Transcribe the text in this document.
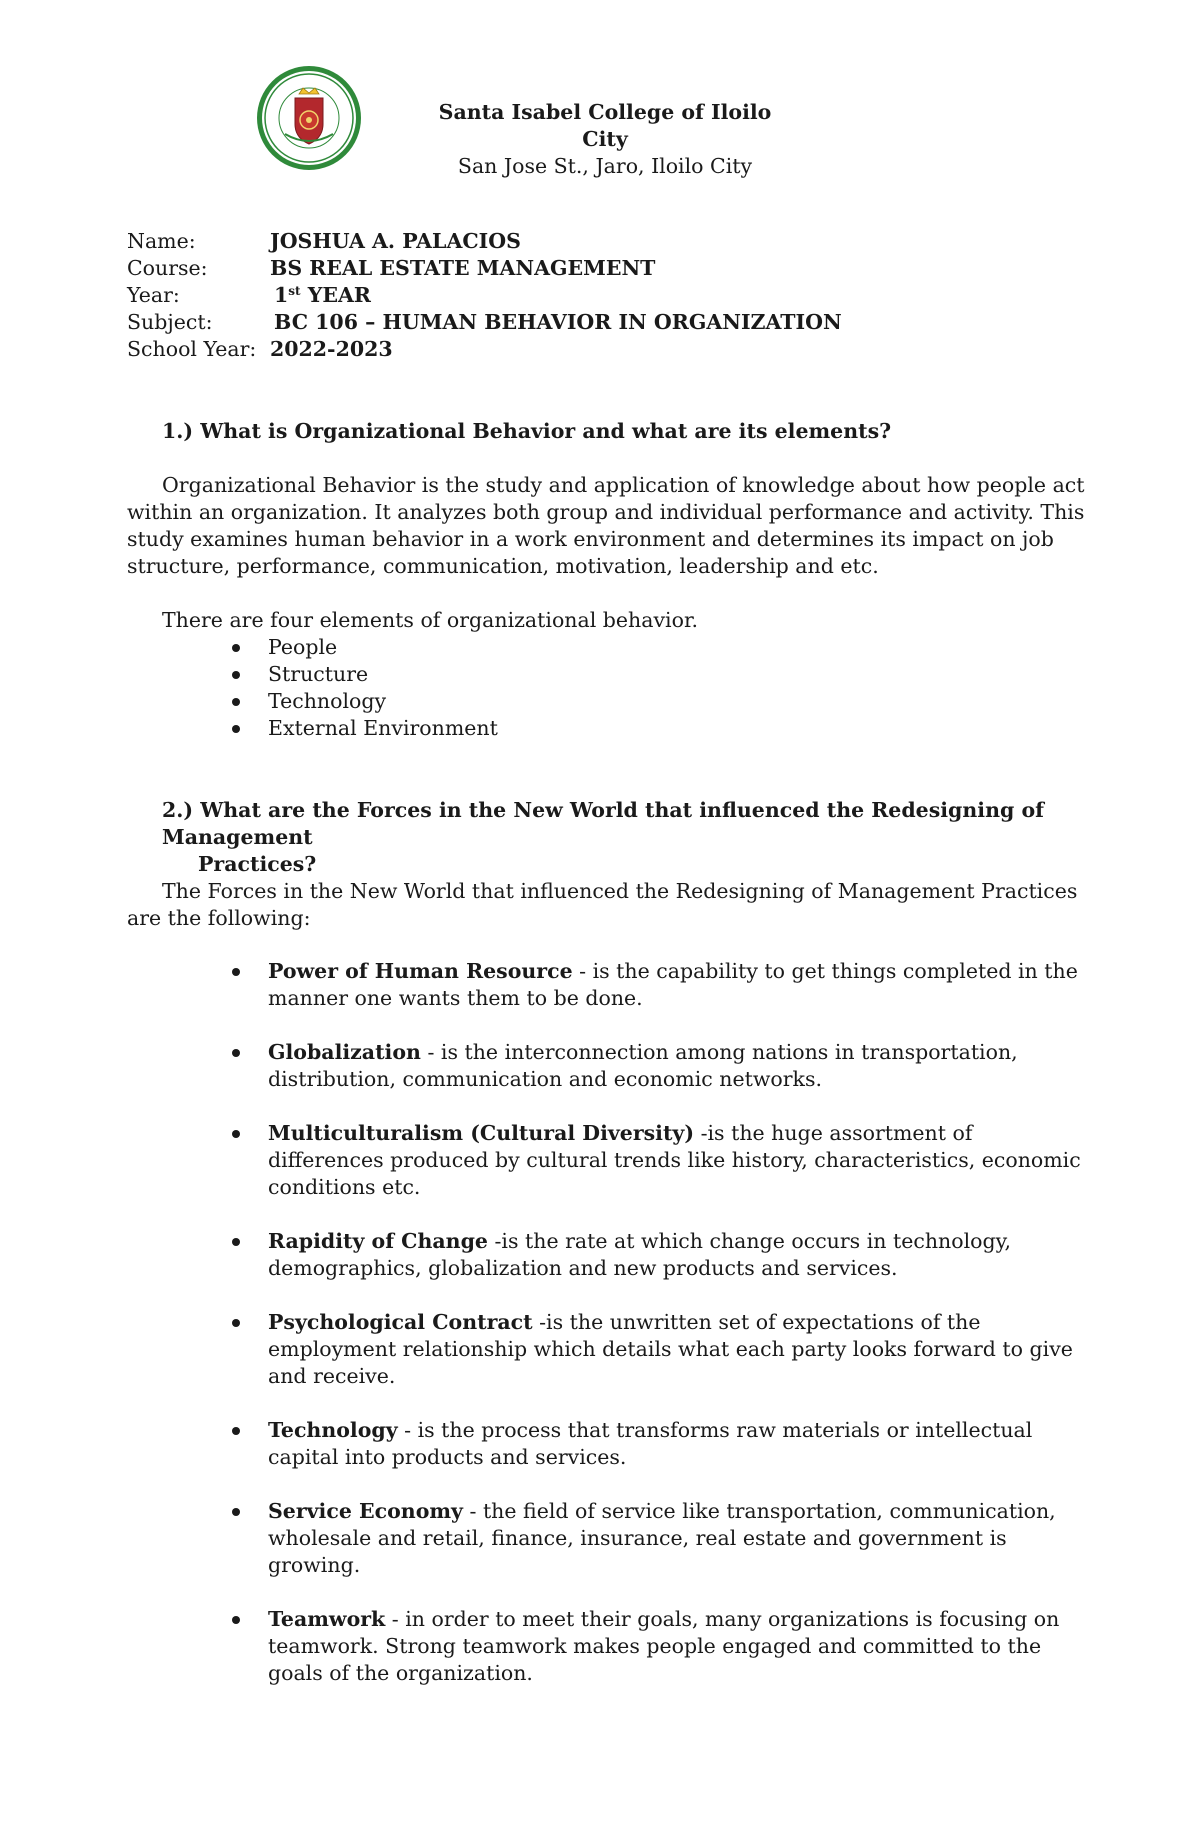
Santa Isabel College of Iloilo City
San Jose St., Jaro, Iloilo City
Name:	JOSHUA A. PALACIOS
Course:	BS REAL ESTATE MANAGEMENT
Year:	1st YEAR
Subject:	BC 106 – HUMAN BEHAVIOR IN ORGANIZATION
School Year: 2022-2023
1.) What is Organizational Behavior and what are its elements?
Organizational Behavior is the study and application of knowledge about how people act within an organization. It analyzes both group and individual performance and activity. This study examines human behavior in a work environment and determines its impact on job structure, performance, communication, motivation, leadership and etc.
There are four elements of organizational behavior.
People
Structure
Technology
External Environment
2.) What are the Forces in the New World that influenced the Redesigning of Management
Practices?
The Forces in the New World that influenced the Redesigning of Management Practices are the following:
Power of Human Resource - is the capability to get things completed in the manner one wants them to be done.
Globalization - is the interconnection among nations in transportation, distribution, communication and economic networks.
Multiculturalism (Cultural Diversity) -is the huge assortment of differences produced by cultural trends like history, characteristics, economic conditions etc.
Rapidity of Change -is the rate at which change occurs in technology, demographics, globalization and new products and services.
Psychological Contract -is the unwritten set of expectations of the employment relationship which details what each party looks forward to give and receive.
Technology - is the process that transforms raw materials or intellectual capital into products and services.
Service Economy - the field of service like transportation, communication, wholesale and retail, finance, insurance, real estate and government is growing.
Teamwork - in order to meet their goals, many organizations is focusing on teamwork. Strong teamwork makes people engaged and committed to the goals of the organization.
